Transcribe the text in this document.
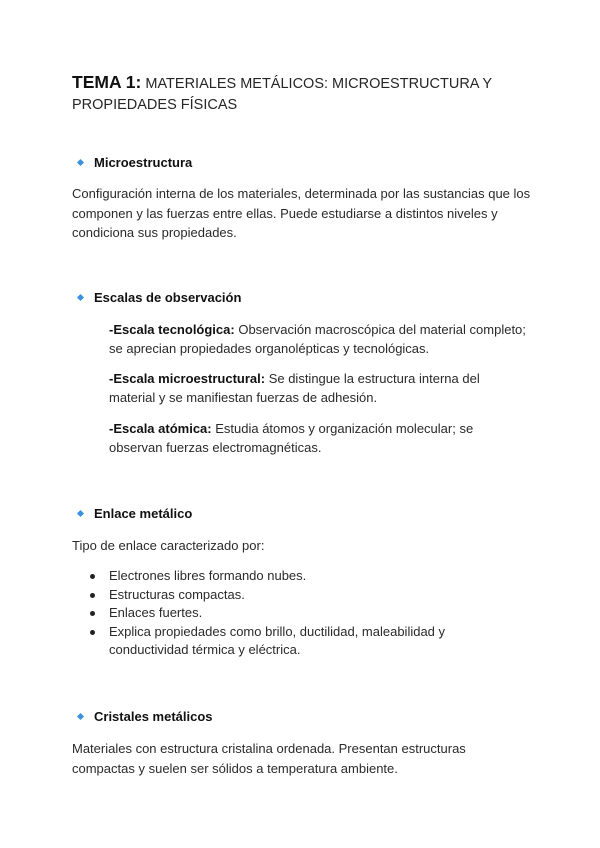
TEMA 1: MATERIALES METÁLICOS: MICROESTRUCTURA Y PROPIEDADES FÍSICAS
Microestructura
Configuración interna de los materiales, determinada por las sustancias que los componen y las fuerzas entre ellas. Puede estudiarse a distintos niveles y condiciona sus propiedades.
Escalas de observación
-Escala tecnológica: Observación macroscópica del material completo; se aprecian propiedades organolépticas y tecnológicas.
-Escala microestructural: Se distingue la estructura interna del material y se manifiestan fuerzas de adhesión.
-Escala atómica: Estudia átomos y organización molecular; se observan fuerzas electromagnéticas.
Enlace metálico
Tipo de enlace caracterizado por:
Electrones libres formando nubes.
Estructuras compactas.
Enlaces fuertes.
Explica propiedades como brillo, ductilidad, maleabilidad y conductividad térmica y eléctrica.
Cristales metálicos
Materiales con estructura cristalina ordenada. Presentan estructuras compactas y suelen ser sólidos a temperatura ambiente.
